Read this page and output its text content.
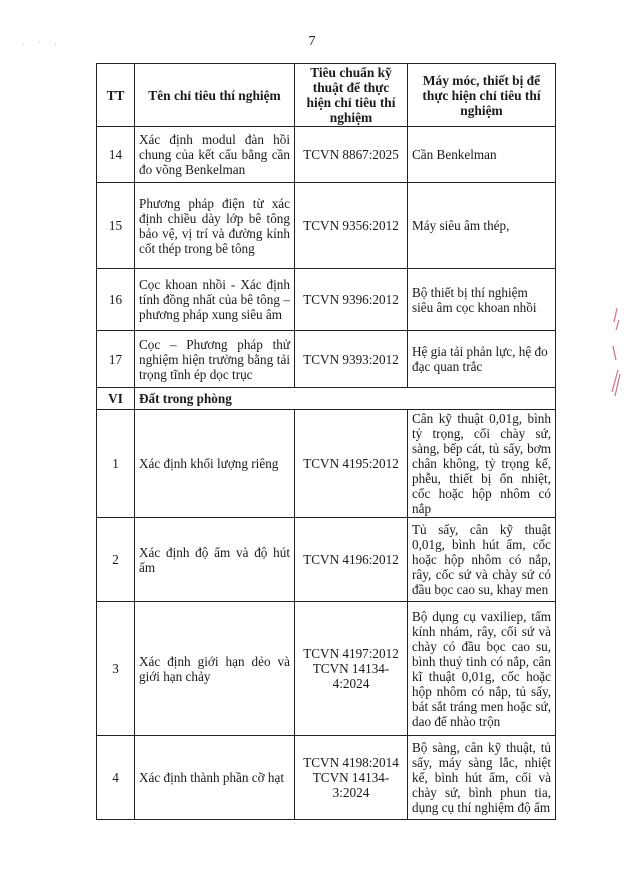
7
. · .
TT	Tên chỉ tiêu thí nghiệm	Tiêu chuẩn kỹ thuật để thực hiện chỉ tiêu thí nghiệm	Máy móc, thiết bị để thực hiện chỉ tiêu thí nghiệm
14	Xác định modul đàn hồi chung của kết cấu bằng cần đo võng Benkelman	TCVN 8867:2025	Cần Benkelman
15	Phương pháp điện từ xác định chiều dày lớp bê tông bảo vệ, vị trí và đường kính cốt thép trong bê tông	TCVN 9356:2012	Máy siêu âm thép,
16	Cọc khoan nhồi - Xác định tính đồng nhất của bê tông –phương pháp xung siêu âm	TCVN 9396:2012	Bộ thiết bị thí nghiệm siêu âm cọc khoan nhồi
17	Cọc – Phương pháp thử nghiệm hiện trường bằng tải trọng tĩnh ép dọc trục	TCVN 9393:2012	Hệ gia tải phản lực, hệ đo đạc quan trắc
VI	Đất trong phòng		
1	Xác định khối lượng riêng	TCVN 4195:2012	Cân kỹ thuật 0,01g, bình tỷ trọng, cối chày sứ, sàng, bếp cát, tủ sấy, bơm chân không, tỷ trọng kế, phễu, thiết bị ổn nhiệt, cốc hoặc hộp nhôm có nắp
2	Xác định độ ẩm và độ hút ẩm	TCVN 4196:2012	Tủ sấy, cân kỹ thuật 0,01g, bình hút ẩm, cốc hoặc hộp nhôm có nắp, rây, cốc sứ và chày sứ có đầu bọc cao su, khay men
3	Xác định giới hạn dẻo và giới hạn chảy	TCVN 4197:2012 TCVN 14134-4:2024	Bộ dụng cụ vaxiliep, tấm kính nhám, rây, cối sứ và chày có đầu bọc cao su, bình thuỷ tinh có nắp, cân kĩ thuật 0,01g, cốc hoặc hộp nhôm có nắp, tủ sấy, bát sắt tráng men hoặc sứ, dao để nhào trộn
4	Xác định thành phần cỡ hạt	TCVN 4198:2014 TCVN 14134-3:2024	Bộ sàng, cân kỹ thuật, tủ sấy, máy sàng lắc, nhiệt kế, bình hút ẩm, cối và chày sứ, bình phun tia, dụng cụ thí nghiệm độ ẩm
